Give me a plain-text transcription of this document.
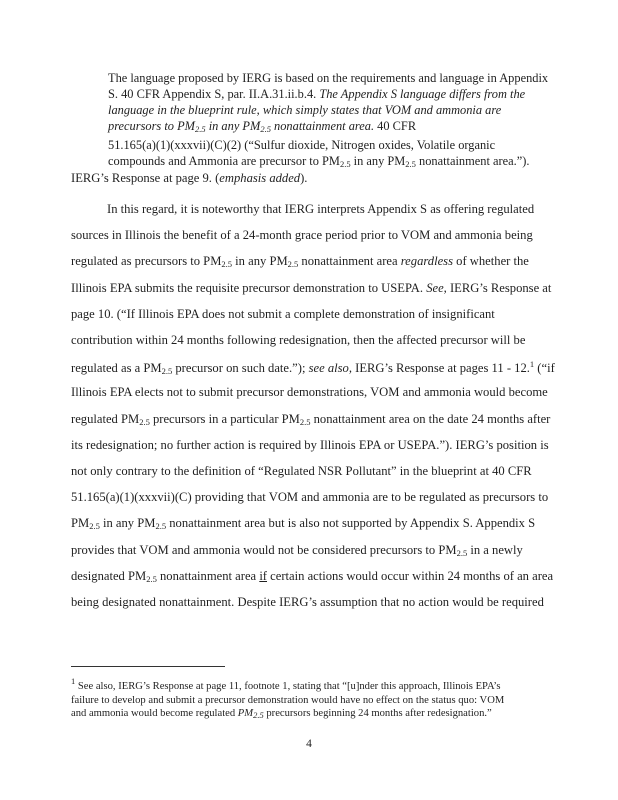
The language proposed by IERG is based on the requirements and language in Appendix
S. 40 CFR Appendix S, par. II.A.31.ii.b.4. The Appendix S language differs from the
language in the blueprint rule, which simply states that VOM and ammonia are
precursors to $PM_{2.5}$ in any $PM_{2.5}$ nonattainment area. 40 CFR
51.165(a)(1)(xxxvii)(C)(2) (“Sulfur dioxide, Nitrogen oxides, Volatile organic
compounds and Ammonia are precursor to $PM_{2.5}$ in any $PM_{2.5}$ nonattainment area.”).
IERG’s Response at page 9. (emphasis added).
In this regard, it is noteworthy that IERG interprets Appendix S as offering regulated
sources in Illinois the benefit of a 24-month grace period prior to VOM and ammonia being
regulated as precursors to $PM_{2.5}$ in any $PM_{2.5}$ nonattainment area regardless of whether the
Illinois EPA submits the requisite precursor demonstration to USEPA. See, IERG’s Response at
page 10. (“If Illinois EPA does not submit a complete demonstration of insignificant
contribution within 24 months following redesignation, then the affected precursor will be
regulated as a $PM_{2.5}$ precursor on such date.”); see also, IERG’s Response at pages 11 - 12.$^1$ (“if
Illinois EPA elects not to submit precursor demonstrations, VOM and ammonia would become
regulated $PM_{2.5}$ precursors in a particular $PM_{2.5}$ nonattainment area on the date 24 months after
its redesignation; no further action is required by Illinois EPA or USEPA.”). IERG’s position is
not only contrary to the definition of “Regulated NSR Pollutant” in the blueprint at 40 CFR
51.165(a)(1)(xxxvii)(C) providing that VOM and ammonia are to be regulated as precursors to
$PM_{2.5}$ in any $PM_{2.5}$ nonattainment area but is also not supported by Appendix S. Appendix S
provides that VOM and ammonia would not be considered precursors to $PM_{2.5}$ in a newly
designated $PM_{2.5}$ nonattainment area if certain actions would occur within 24 months of an area
being designated nonattainment. Despite IERG’s assumption that no action would be required
$^1$ See also, IERG’s Response at page 11, footnote 1, stating that “[u]nder this approach, Illinois EPA’s
failure to develop and submit a precursor demonstration would have no effect on the status quo: VOM
and ammonia would become regulated $PM_{2.5}$ precursors beginning 24 months after redesignation.”
4
